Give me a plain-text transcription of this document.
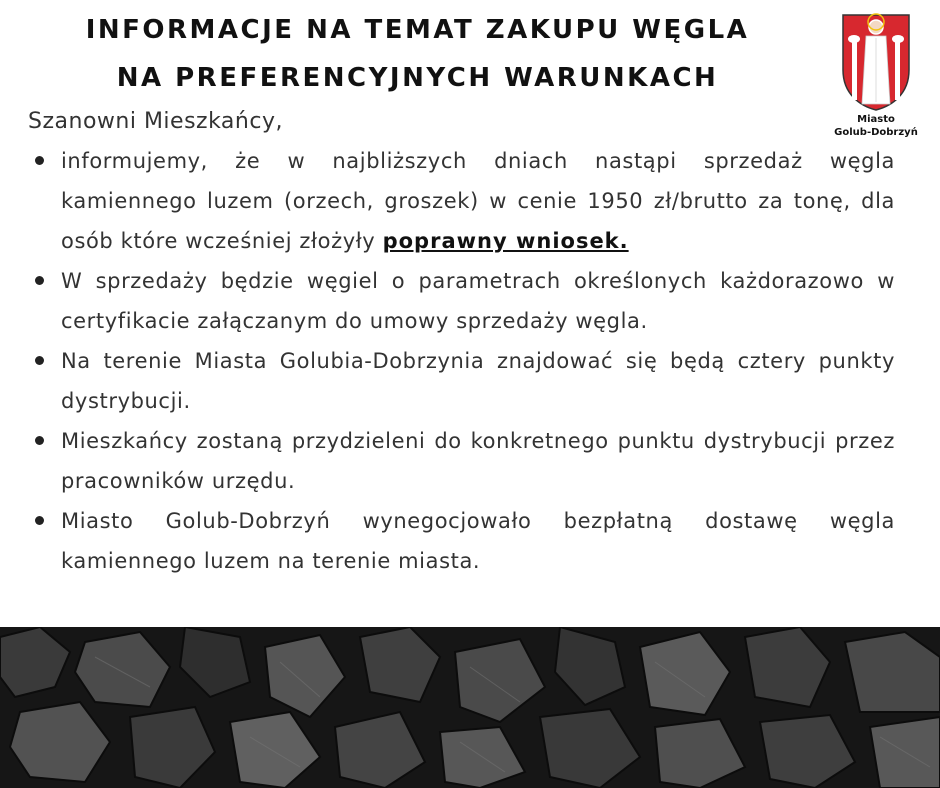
INFORMACJE NA TEMAT ZAKUPU WĘGLA NA PREFERENCYJNYCH WARUNKACH
Miasto
Golub-Dobrzyń
Szanowni Mieszkańcy,
informujemy, że w najbliższych dniach nastąpi sprzedaż węgla kamiennego luzem (orzech, groszek) w cenie 1950 zł/brutto za tonę, dla osób które wcześniej złożyły poprawny wniosek.
W sprzedaży będzie węgiel o parametrach określonych każdorazowo w certyfikacie załączanym do umowy sprzedaży węgla.
Na terenie Miasta Golubia-Dobrzynia znajdować się będą cztery punkty dystrybucji.
Mieszkańcy zostaną przydzieleni do konkretnego punktu dystrybucji przez pracowników urzędu.
Miasto Golub-Dobrzyń wynegocjowało bezpłatną dostawę węgla kamiennego luzem na terenie miasta.
